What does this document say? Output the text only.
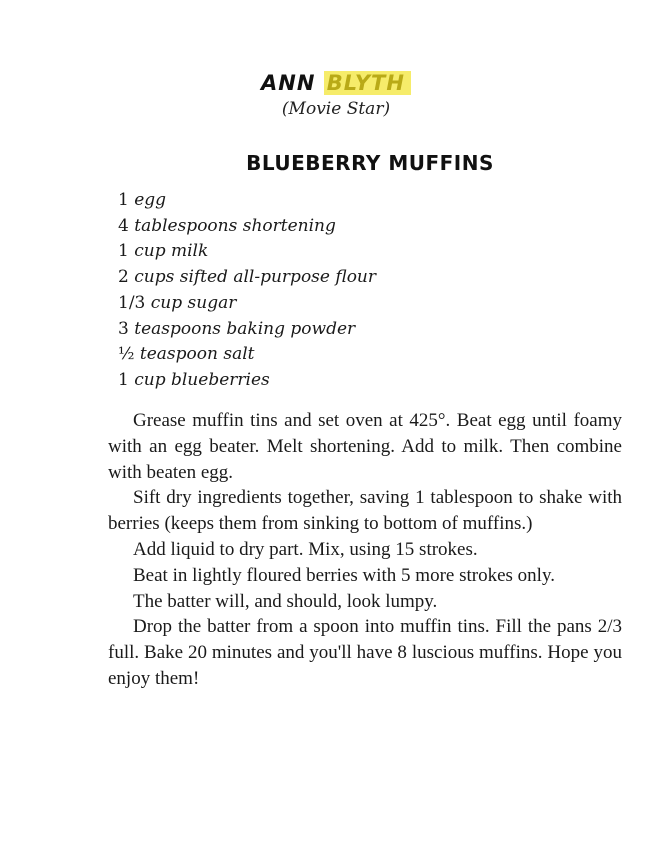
ANN BLYTH
(Movie Star)
BLUEBERRY MUFFINS
1 egg
4 tablespoons shortening
1 cup milk
2 cups sifted all-purpose flour
1/3 cup sugar
3 teaspoons baking powder
½ teaspoon salt
1 cup blueberries

Grease muffin tins and set oven at 425°. Beat egg until foamy with an egg beater. Melt shortening. Add to milk. Then combine with beaten egg.

Sift dry ingredients together, saving 1 tablespoon to shake with berries (keeps them from sinking to bottom of muffins.)

Add liquid to dry part. Mix, using 15 strokes.

Beat in lightly floured berries with 5 more strokes only.

The batter will, and should, look lumpy.

Drop the batter from a spoon into muffin tins. Fill the pans 2/3 full. Bake 20 minutes and you'll have 8 luscious muffins. Hope you enjoy them!
